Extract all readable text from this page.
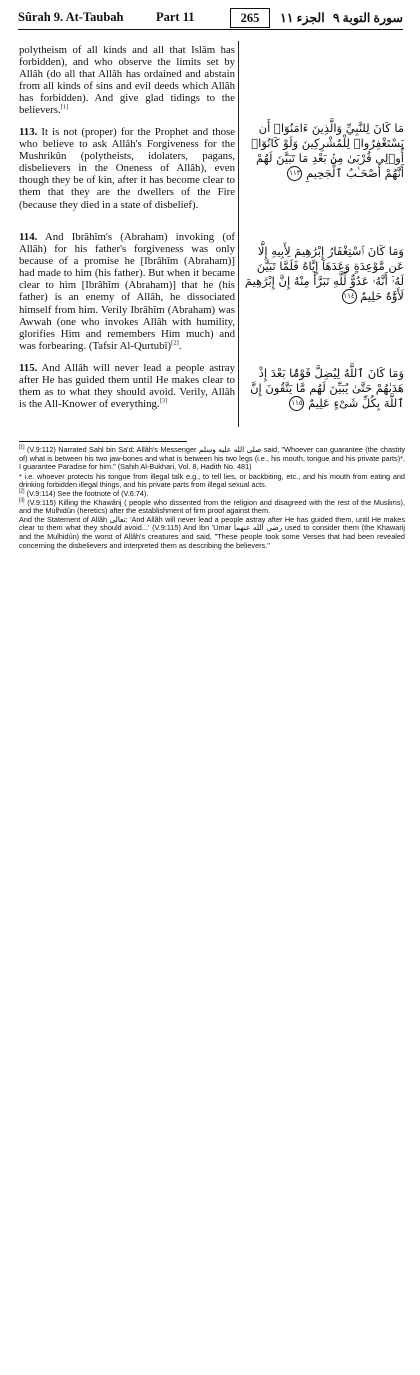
Sûrah 9. At-Taubah	Part 11	265	الجزء ١١ سورة التوبة ٩

polytheism of all kinds and all that Islâm has forbidden), and who observe the limits set by Allâh (do all that Allâh has ordained and abstain from all kinds of sins and evil deeds which Allâh has forbidden). And give glad tidings to the believers.[1]

113. It is not (proper) for the Prophet and those who believe to ask Allâh's Forgiveness for the Mushrikûn (polytheists, idolaters, pagans, disbelievers in the Oneness of Allâh), even though they be of kin, after it has become clear to them that they are the dwellers of the Fire (because they died in a state of disbelief).

114. And Ibrâhîm's (Abraham) invoking (of Allâh) for his father's forgiveness was only because of a promise he [Ibrâhîm (Abraham)] had made to him (his father). But when it became clear to him [Ibrâhîm (Abraham)] that he (his father) is an enemy of Allâh, he dissociated himself from him. Verily Ibrâhîm (Abraham) was Awwah (one who invokes Allâh with humility, glorifies Him and remembers Him much) and was forbearing. (Tafsir Al-Qurtubî)[2].

115. And Allâh will never lead a people astray after He has guided them until He makes clear to them as to what they should avoid. Verily, Allâh is the All-Knower of everything.[3]

مَا كَانَ لِلنَّبِيِّ وَالَّذِينَ ءَامَنُوٓا۟ أَن يَسْتَغْفِرُوا۟ لِلْمُشْرِكِينَ وَلَوْ كَانُوٓا۟ أُو۟لِى قُرْبَىٰ مِنۢ بَعْدِ مَا تَبَيَّنَ لَهُمْ أَنَّهُمْ أَصْحَـٰبُ ٱلْجَحِيمِ ١١٣
وَمَا كَانَ ٱسْتِغْفَارُ إِبْرَٰهِيمَ لِأَبِيهِ إِلَّا عَن مَّوْعِدَةٍ وَعَدَهَآ إِيَّاهُ فَلَمَّا تَبَيَّنَ لَهُۥٓ أَنَّهُۥ عَدُوٌّ لِّلَّهِ تَبَرَّأَ مِنْهُ إِنَّ إِبْرَٰهِيمَ لَأَوَّٰهٌ حَلِيمٌ ١١٤
وَمَا كَانَ ٱللَّهُ لِيُضِلَّ قَوْمًۢا بَعْدَ إِذْ هَدَىٰهُمْ حَتَّىٰ يُبَيِّنَ لَهُم مَّا يَتَّقُونَ إِنَّ ٱللَّهَ بِكُلِّ شَىْءٍ عَلِيمٌ ١١٥

[1] (V.9:112) Narrated Sahl bin Sa'd: Allâh's Messenger صلى الله عليه وسلم said, "Whoever can guarantee (the chastity of) what is between his two jaw-bones and what is between his two legs (i.e., his mouth, tongue and his private parts)*, I guarantee Paradise for him." (Sahih Al-Bukhari, Vol. 8, Hadith No. 481)

* i.e. whoever protects his tongue from illegal talk e.g., to tell lies, or backbiting, etc., and his mouth from eating and drinking forbidden illegal things, and his private parts from illegal sexual acts.

[2] (V.9:114) See the footnote of (V.6:74).

[3] (V.9:115) Killing the Khawârij ( people who dissented from the religion and disagreed with the rest of the Muslims), and the Mulhidûn (heretics) after the establishment of firm proof against them.

And the Statement of Allâh تعالى: 'And Allâh will never lead a people astray after He has guided them, until He makes clear to them what they should avoid...' (V.9:115) And Ibn 'Umar رضي الله عنهما used to consider them (the Khawarij and the Mulhidûn) the worst of Allâh's creatures and said, "These people took some Verses that had been revealed concerning the disbelievers and interpreted them as describing the believers."
